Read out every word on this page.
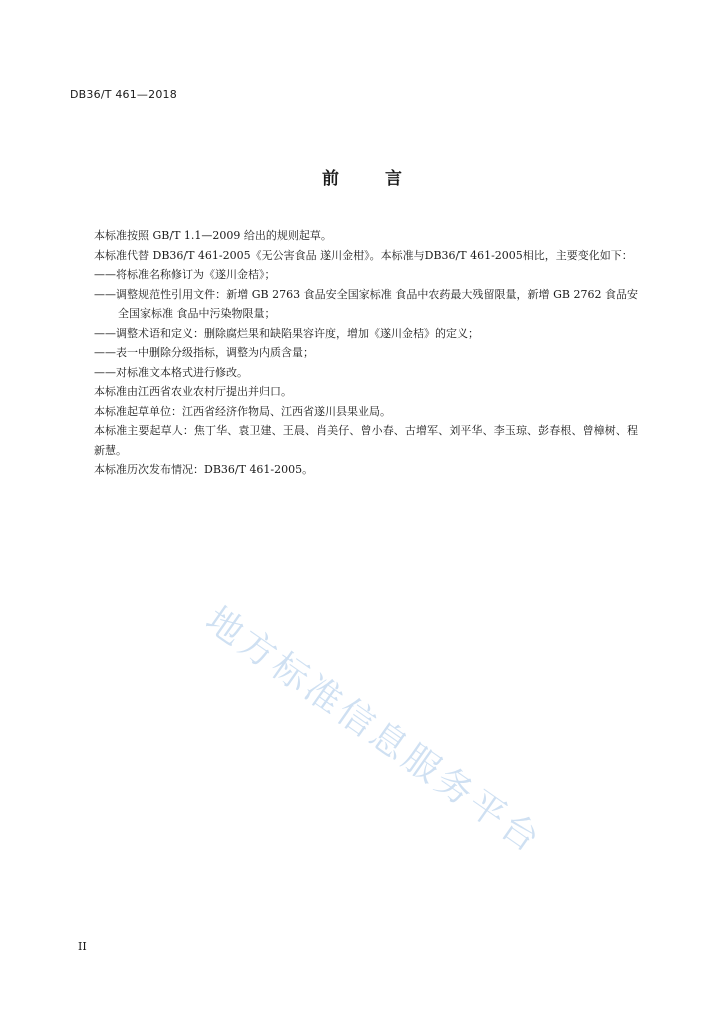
DB36/T 461—2018
前 言

本标准按照 GB/T 1.1—2009 给出的规则起草。

本标准代替 DB36/T 461-2005《无公害食品 遂川金柑》。本标准与DB36/T 461-2005相比，主要变化如下：

——将标准名称修订为《遂川金桔》；

——调整规范性引用文件：新增 GB 2763 食品安全国家标准 食品中农药最大残留限量，新增 GB 2762 食品安全国家标准 食品中污染物限量；

——调整术语和定义：删除腐烂果和缺陷果容许度，增加《遂川金桔》的定义；

——表一中删除分级指标，调整为内质含量；

——对标准文本格式进行修改。

本标准由江西省农业农村厅提出并归口。

本标准起草单位：江西省经济作物局、江西省遂川县果业局。

本标准主要起草人：焦丁华、袁卫建、王晨、肖美仔、曾小春、古增军、刘平华、李玉琼、彭春根、曾樟树、程新慧。

本标准历次发布情况：DB36/T 461-2005。

地方标准信息服务平台
II
